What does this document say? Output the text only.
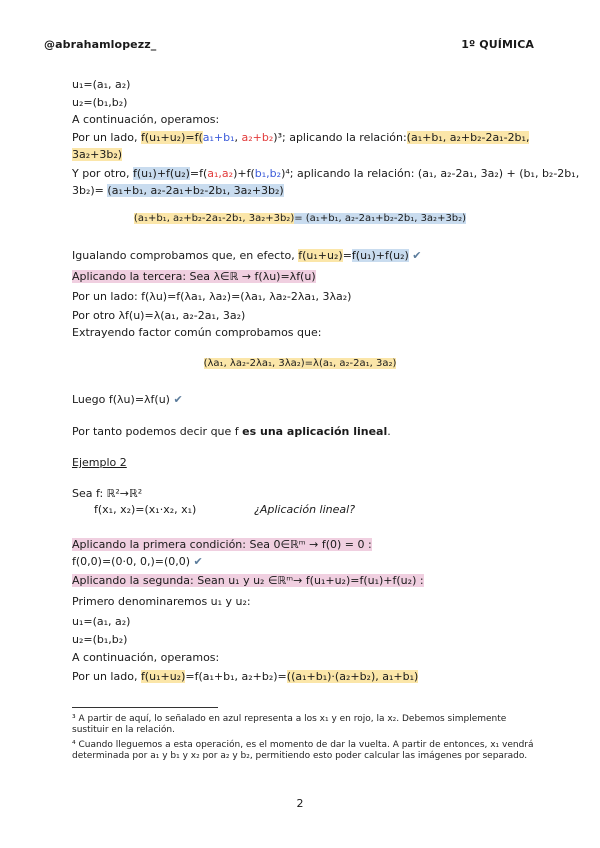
@abrahamlopezz_	1º QUÍMICA
u₁=(a₁, a₂)
u₂=(b₁,b₂)
A continuación, operamos:
Por un lado, f(u₁+u₂)=f(a₁+b₁, a₂+b₂)³; aplicando la relación:(a₁+b₁, a₂+b₂-2a₁-2b₁,
3a₂+3b₂)
Y por otro, f(u₁)+f(u₂)=f(a₁,a₂)+f(b₁,b₂)⁴; aplicando la relación: (a₁, a₂-2a₁, 3a₂) + (b₁, b₂-2b₁,
3b₂)= (a₁+b₁, a₂-2a₁+b₂-2b₁, 3a₂+3b₂)
(a₁+b₁, a₂+b₂-2a₁-2b₁, 3a₂+3b₂)= (a₁+b₁, a₂-2a₁+b₂-2b₁, 3a₂+3b₂)
Igualando comprobamos que, en efecto, f(u₁+u₂)=f(u₁)+f(u₂) ✔
Aplicando la tercera: Sea λ∈ℝ → f(λu)=λf(u)
Por un lado: f(λu)=f(λa₁, λa₂)=(λa₁, λa₂-2λa₁, 3λa₂)
Por otro λf(u)=λ(a₁, a₂-2a₁, 3a₂)
Extrayendo factor común comprobamos que:
(λa₁, λa₂-2λa₁, 3λa₂)=λ(a₁, a₂-2a₁, 3a₂)
Luego f(λu)=λf(u) ✔
Por tanto podemos decir que f es una aplicación lineal.
Ejemplo 2
Sea f: ℝ²→ℝ²
f(x₁, x₂)=(x₁·x₂, x₁)	¿Aplicación lineal?
Aplicando la primera condición: Sea 0∈ℝᵐ → f(0) = 0 :
f(0,0)=(0·0, 0,)=(0,0) ✔
Aplicando la segunda: Sean u₁ y u₂ ∈ℝᵐ→ f(u₁+u₂)=f(u₁)+f(u₂) :
Primero denominaremos u₁ y u₂:
u₁=(a₁, a₂)
u₂=(b₁,b₂)
A continuación, operamos:
Por un lado, f(u₁+u₂)=f(a₁+b₁, a₂+b₂)=((a₁+b₁)·(a₂+b₂), a₁+b₁)
³ A partir de aquí, lo señalado en azul representa a los x₁ y en rojo, la x₂. Debemos simplemente sustituir en la relación.
⁴ Cuando lleguemos a esta operación, es el momento de dar la vuelta. A partir de entonces, x₁ vendrá determinada por a₁ y b₁ y x₂ por a₂ y b₂, permitiendo esto poder calcular las imágenes por separado.
2
